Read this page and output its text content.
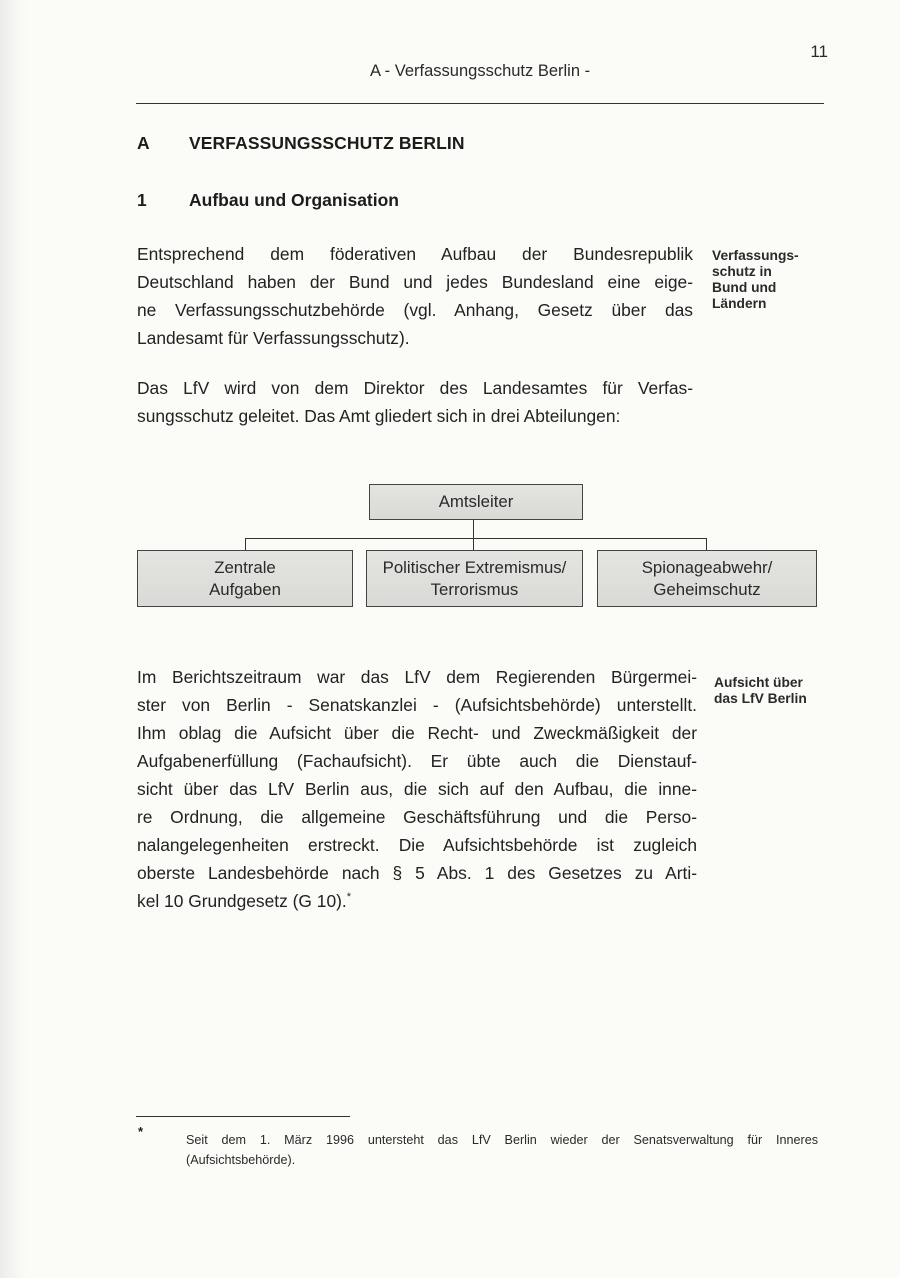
11
A - Verfassungsschutz Berlin -
A VERFASSUNGSSCHUTZ BERLIN
1 Aufbau und Organisation
Entsprechend dem föderativen Aufbau der Bundesrepublik
Deutschland haben der Bund und jedes Bundesland eine eige-
ne Verfassungsschutzbehörde (vgl. Anhang, Gesetz über das
Landesamt für Verfassungsschutz).
Verfassungs-
schutz in
Bund und
Ländern
Das LfV wird von dem Direktor des Landesamtes für Verfas-
sungsschutz geleitet. Das Amt gliedert sich in drei Abteilungen:
Amtsleiter
Zentrale
Aufgaben
Politischer Extremismus/
Terrorismus
Spionageabwehr/
Geheimschutz
Im Berichtszeitraum war das LfV dem Regierenden Bürgermei-
ster von Berlin - Senatskanzlei - (Aufsichtsbehörde) unterstellt.
Ihm oblag die Aufsicht über die Recht- und Zweckmäßigkeit der
Aufgabenerfüllung (Fachaufsicht). Er übte auch die Dienstauf-
sicht über das LfV Berlin aus, die sich auf den Aufbau, die inne-
re Ordnung, die allgemeine Geschäftsführung und die Perso-
nalangelegenheiten erstreckt. Die Aufsichtsbehörde ist zugleich
oberste Landesbehörde nach § 5 Abs. 1 des Gesetzes zu Arti-
kel 10 Grundgesetz (G 10).*
Aufsicht über
das LfV Berlin
*
Seit dem 1. März 1996 untersteht das LfV Berlin wieder der Senatsverwaltung für Inneres
(Aufsichtsbehörde).
